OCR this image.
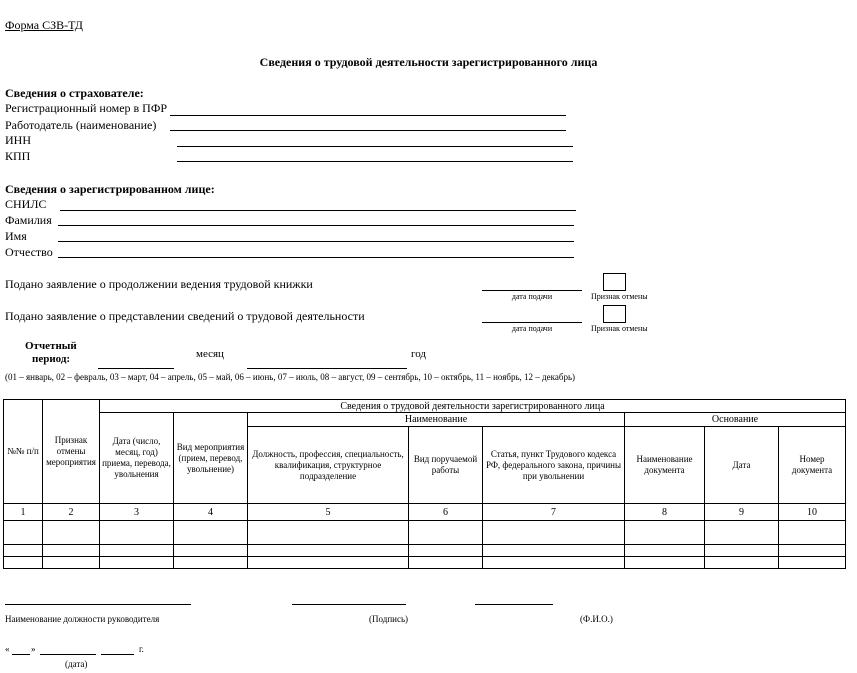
Форма СЗВ-ТД
Сведения о трудовой деятельности зарегистрированного лица
Сведения о страхователе:
Регистрационный номер в ПФР
Работодатель (наименование)
ИНН
КПП
Сведения о зарегистрированном лице:
СНИЛС
Фамилия
Имя
Отчество
Подано заявление о продолжении ведения трудовой книжки
дата подачи	Признак отмены
Подано заявление о представлении сведений о трудовой деятельности
дата подачи	Признак отмены
Отчетный
период:	месяц	год
(01 – январь, 02 – февраль, 03 – март, 04 – апрель, 05 – май, 06 – июнь, 07 – июль, 08 – август, 09 – сентябрь, 10 – октябрь, 11 – ноябрь, 12 – декабрь)
№№ п/п	Признак отмены мероприятия	Сведения о трудовой деятельности зарегистрированного лица							
		Дата (число, месяц, год) приема, перевода, увольнения	Вид мероприятия (прием, перевод, увольнение)	Наименование			Основание		
				Должность, профессия, специальность, квалификация, структурное подразделение	Вид поручаемой работы	Статья, пункт Трудового кодекса РФ, федерального закона, причины при увольнении	Наименование документа	Дата	Номер документа
1	2	3	4	5	6	7	8	9	10

Наименование должности руководителя	(Подпись)	(Ф.И.О.)
« »	г.
(дата)
